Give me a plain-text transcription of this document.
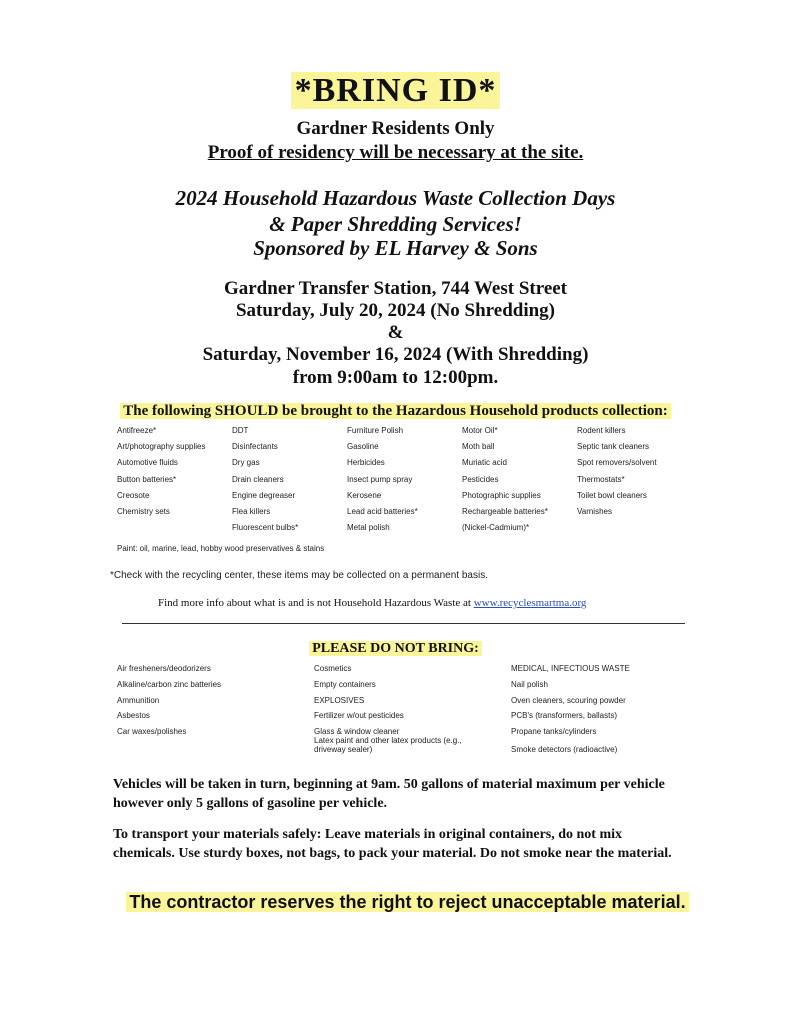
*BRING ID*
Gardner Residents Only
Proof of residency will be necessary at the site.
2024 Household Hazardous Waste Collection Days
& Paper Shredding Services!
Sponsored by EL Harvey & Sons
Gardner Transfer Station, 744 West Street
Saturday, July 20, 2024 (No Shredding)
&
Saturday, November 16, 2024 (With Shredding)
from 9:00am to 12:00pm.
The following SHOULD be brought to the Hazardous Household products collection:
Antifreeze*
Art/photography supplies
Automotive fluids
Button batteries*
Creosote
Chemistry sets
DDT
Disinfectants
Dry gas
Drain cleaners
Engine degreaser
Flea killers
Fluorescent bulbs*
Furniture Polish
Gasoline
Herbicides
Insect pump spray
Kerosene
Lead acid batteries*
Metal polish
Motor Oil*
Moth ball
Muriatic acid
Pesticides
Photographic supplies
Rechargeable batteries*
(Nickel-Cadmium)*
Rodent killers
Septic tank cleaners
Spot removers/solvent
Thermostats*
Toilet bowl cleaners
Varnishes
Paint: oil, marine, lead, hobby wood preservatives & stains
*Check with the recycling center, these items may be collected on a permanent basis.
Find more info about what is and is not Household Hazardous Waste at www.recyclesmartma.org
PLEASE DO NOT BRING:
Air fresheners/deodorizers
Alkaline/carbon zinc batteries
Ammunition
Asbestos
Car waxes/polishes
Cosmetics
Empty containers
EXPLOSIVES
Fertilizer w/out pesticides
Glass & window cleaner
Latex paint and other latex products (e.g.,
driveway sealer)
MEDICAL, INFECTIOUS WASTE
Nail polish
Oven cleaners, scouring powder
PCB's (transformers, ballasts)
Propane tanks/cylinders
Smoke detectors (radioactive)
Vehicles will be taken in turn, beginning at 9am. 50 gallons of material maximum per vehicle however only 5 gallons of gasoline per vehicle.
To transport your materials safely: Leave materials in original containers, do not mix chemicals. Use sturdy boxes, not bags, to pack your material. Do not smoke near the material.
The contractor reserves the right to reject unacceptable material.
